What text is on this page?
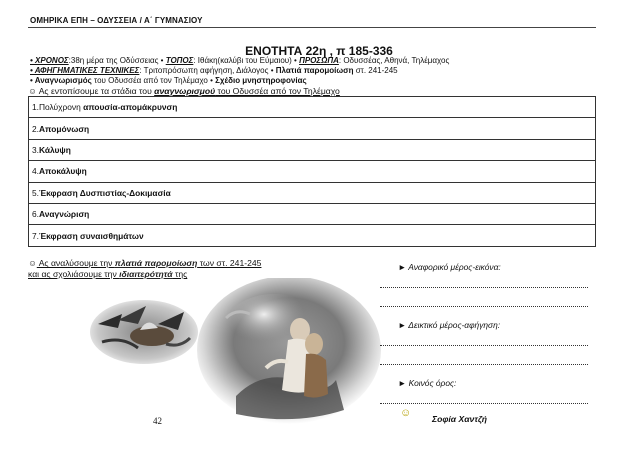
ΟΜΗΡΙΚΑ ΕΠΗ – ΟΔΥΣΣΕΙΑ / Α΄ ΓΥΜΝΑΣΙΟΥ
ΕΝΟΤΗΤΑ 22η , π 185-336
• ΧΡΟΝΟΣ:38η μέρα της Οδύσσειας • ΤΟΠΟΣ: Ιθάκη(καλύβι του Εύμαιου) • ΠΡΟΣΩΠΑ: Οδυσσέας, Αθηνά, Τηλέμαχος
• ΑΦΗΓΗΜΑΤΙΚΕΣ ΤΕΧΝΙΚΕΣ: Τριτοπρόσωπη αφήγηση, Διάλογος • Πλατιά παρομοίωση στ. 241-245
• Αναγνωρισμός του Οδυσσέα από τον Τηλέμαχο • Σχέδιο μνηστηροφονίας
☺ Ας εντοπίσουμε τα στάδια του αναγνωρισμού του Οδυσσέα από τον Τηλέμαχο
1.Πολύχρονη απουσία-απομάκρυνση
2.Απομόνωση
3.Κάλυψη
4.Αποκάλυψη
5.Έκφραση Δυσπιστίας-Δοκιμασία
6.Αναγνώριση
7.Έκφραση συναισθημάτων
☺ Ας αναλύσουμε την πλατιά παρομοίωση των στ. 241-245
και ας σχολιάσουμε την ιδιαιτερότητά της
► Αναφορικό μέρος-εικόνα:
► Δεικτικό μέρος-αφήγηση:
► Κοινός όρος:
42
☺ Σοφία Χαντζή
